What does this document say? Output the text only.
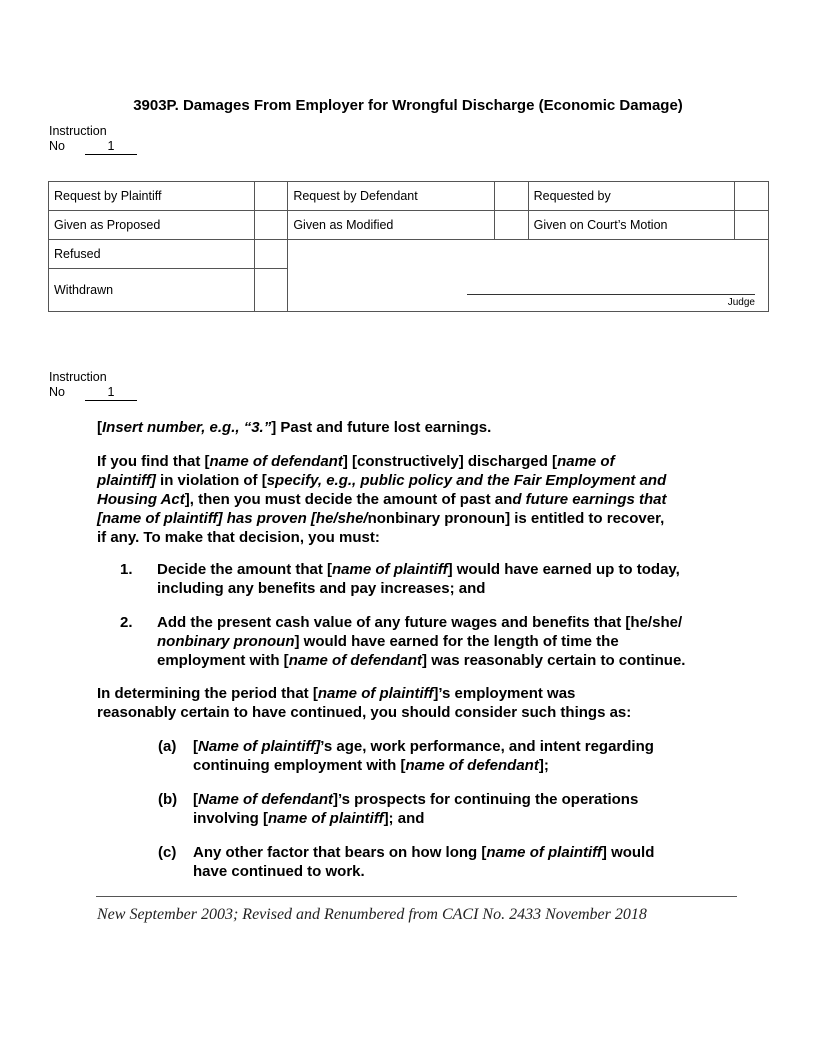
3903P. Damages From Employer for Wrongful Discharge (Economic Damage)
Instruction
No	1
Request by Plaintiff		Request by Defendant		Requested by	
Given as Proposed		Given as Modified		Given on Court’s Motion	
Refused					
Withdrawn					
Judge
Instruction
No	1
[Insert number, e.g., “3.”] Past and future lost earnings.
If you find that [name of defendant] [constructively] discharged [name of
plaintiff] in violation of [specify, e.g., public policy and the Fair Employment and
Housing Act], then you must decide the amount of past and future earnings that
[name of plaintiff] has proven [he/she/nonbinary pronoun] is entitled to recover,
if any. To make that decision, you must:
1. Decide the amount that [name of plaintiff] would have earned up to today,
including any benefits and pay increases; and
2. Add the present cash value of any future wages and benefits that [he/she/
nonbinary pronoun] would have earned for the length of time the
employment with [name of defendant] was reasonably certain to continue.
In determining the period that [name of plaintiff]’s employment was
reasonably certain to have continued, you should consider such things as:
(a) [Name of plaintiff]’s age, work performance, and intent regarding
continuing employment with [name of defendant];
(b) [Name of defendant]’s prospects for continuing the operations
involving [name of plaintiff]; and
(c) Any other factor that bears on how long [name of plaintiff] would
have continued to work.
New September 2003; Revised and Renumbered from CACI No. 2433 November 2018
